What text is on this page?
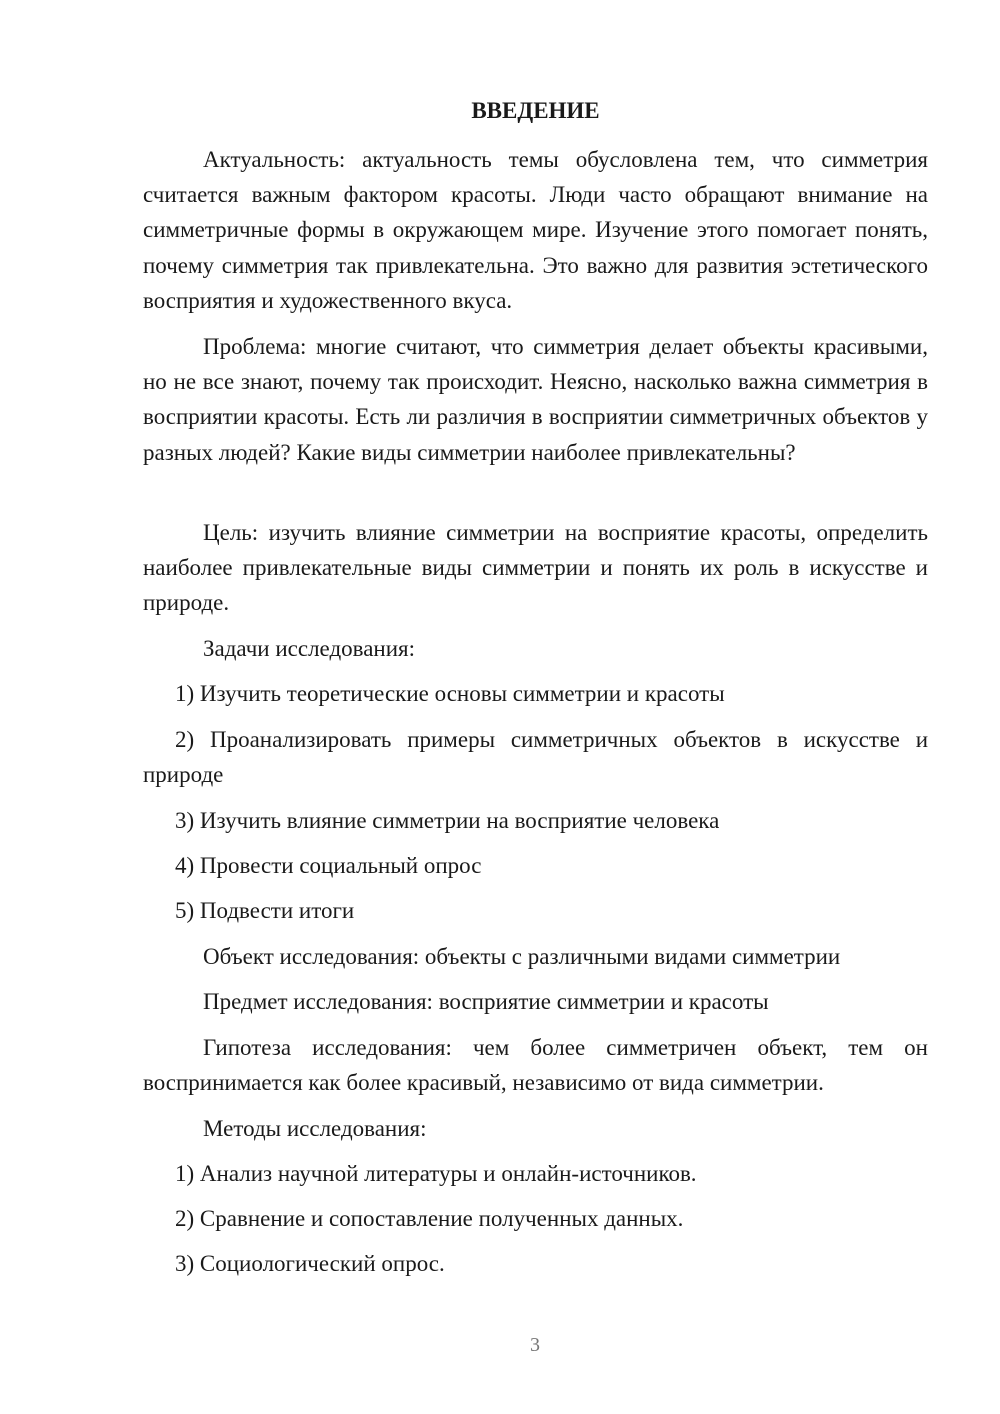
ВВЕДЕНИЕ
Актуальность: актуальность темы обусловлена тем, что симметрия считается важным фактором красоты. Люди часто обращают внимание на симметричные формы в окружающем мире. Изучение этого помогает понять, почему симметрия так привлекательна. Это важно для развития эстетического восприятия и художественного вкуса.
Проблема: многие считают, что симметрия делает объекты красивыми, но не все знают, почему так происходит. Неясно, насколько важна симметрия в восприятии красоты. Есть ли различия в восприятии симметричных объектов у разных людей? Какие виды симметрии наиболее привлекательны?
Цель: изучить влияние симметрии на восприятие красоты, определить наиболее привлекательные виды симметрии и понять их роль в искусстве и природе.
Задачи исследования:
1) Изучить теоретические основы симметрии и красоты
2) Проанализировать примеры симметричных объектов в искусстве и природе
3) Изучить влияние симметрии на восприятие человека
4) Провести социальный опрос
5) Подвести итоги
Объект исследования: объекты с различными видами симметрии
Предмет исследования: восприятие симметрии и красоты
Гипотеза исследования: чем более симметричен объект, тем он воспринимается как более красивый, независимо от вида симметрии.
Методы исследования:
1) Анализ научной литературы и онлайн-источников.
2) Сравнение и сопоставление полученных данных.
3) Социологический опрос.
3
